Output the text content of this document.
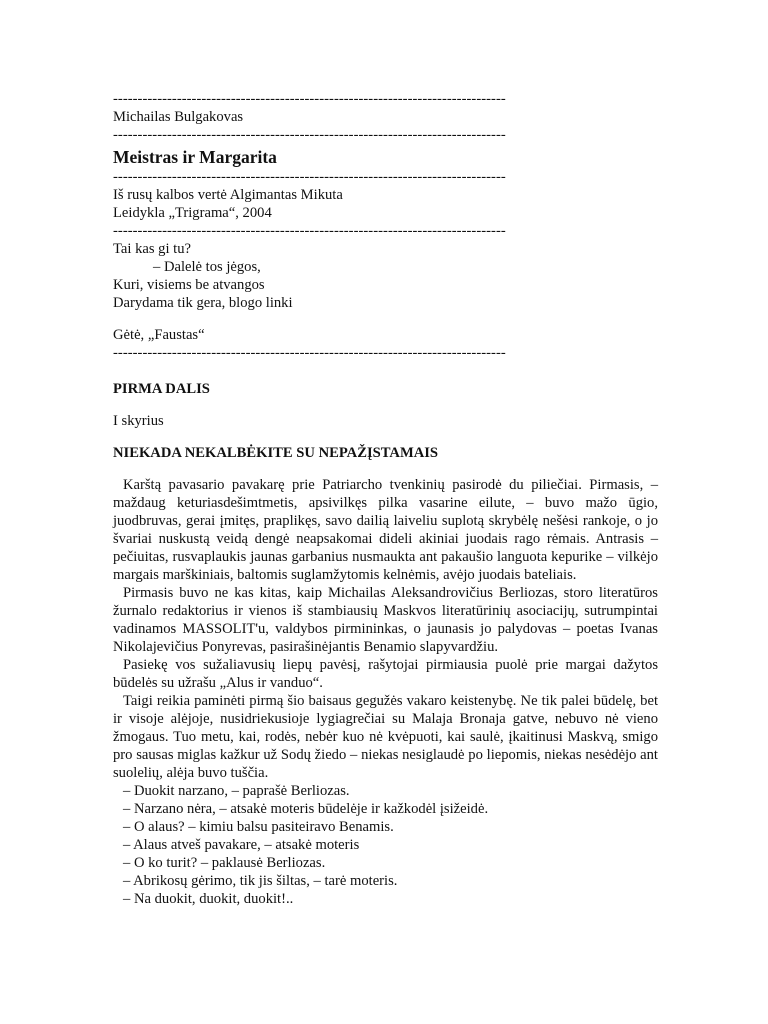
--------------------------------------------------------------------------------
Michailas Bulgakovas
--------------------------------------------------------------------------------
Meistras ir Margarita
--------------------------------------------------------------------------------
Iš rusų kalbos vertė Algimantas Mikuta
Leidykla „Trigrama“, 2004
--------------------------------------------------------------------------------
Tai kas gi tu?
– Dalelė tos jėgos,
Kuri, visiems be atvangos
Darydama tik gera, blogo linki
Gėtė, „Faustas“
--------------------------------------------------------------------------------
PIRMA DALIS
I skyrius
NIEKADA NEKALBĖKITE SU NEPAŽĮSTAMAIS
Karštą pavasario pavakarę prie Patriarcho tvenkinių pasirodė du piliečiai. Pirmasis, – maždaug keturiasdešimtmetis, apsivilkęs pilka vasarine eilute, – buvo mažo ūgio, juodbruvas, gerai įmitęs, praplikęs, savo dailią laiveliu suplotą skrybėlę nešėsi rankoje, o jo švariai nuskustą veidą dengė neapsakomai dideli akiniai juodais rago rėmais. Antrasis – pečiuitas, rusvaplaukis jaunas garbanius nusmaukta ant pakaušio languota kepurike – vilkėjo margais marškiniais, baltomis suglamžytomis kelnėmis, avėjo juodais bateliais.
Pirmasis buvo ne kas kitas, kaip Michailas Aleksandrovičius Berliozas, storo literatūros žurnalo redaktorius ir vienos iš stambiausių Maskvos literatūrinių asociacijų, sutrumpintai vadinamos MASSOLIT'u, valdybos pirmininkas, o jaunasis jo palydovas – poetas Ivanas Nikolajevičius Ponyrevas, pasirašinėjantis Benamio slapyvardžiu.
Pasiekę vos sužaliavusių liepų pavėsį, rašytojai pirmiausia puolė prie margai dažytos būdelės su užrašu „Alus ir vanduo“.
Taigi reikia paminėti pirmą šio baisaus gegužės vakaro keistenybę. Ne tik palei būdelę, bet ir visoje alėjoje, nusidriekusioje lygiagrečiai su Malaja Bronaja gatve, nebuvo nė vieno žmogaus. Tuo metu, kai, rodės, nebėr kuo nė kvėpuoti, kai saulė, įkaitinusi Maskvą, smigo pro sausas miglas kažkur už Sodų žiedo – niekas nesiglaudė po liepomis, niekas nesėdėjo ant suolelių, alėja buvo tuščia.
– Duokit narzano, – paprašė Berliozas.
– Narzano nėra, – atsakė moteris būdelėje ir kažkodėl įsižeidė.
– O alaus? – kimiu balsu pasiteiravo Benamis.
– Alaus atveš pavakare, – atsakė moteris
– O ko turit? – paklausė Berliozas.
– Abrikosų gėrimo, tik jis šiltas, – tarė moteris.
– Na duokit, duokit, duokit!..
